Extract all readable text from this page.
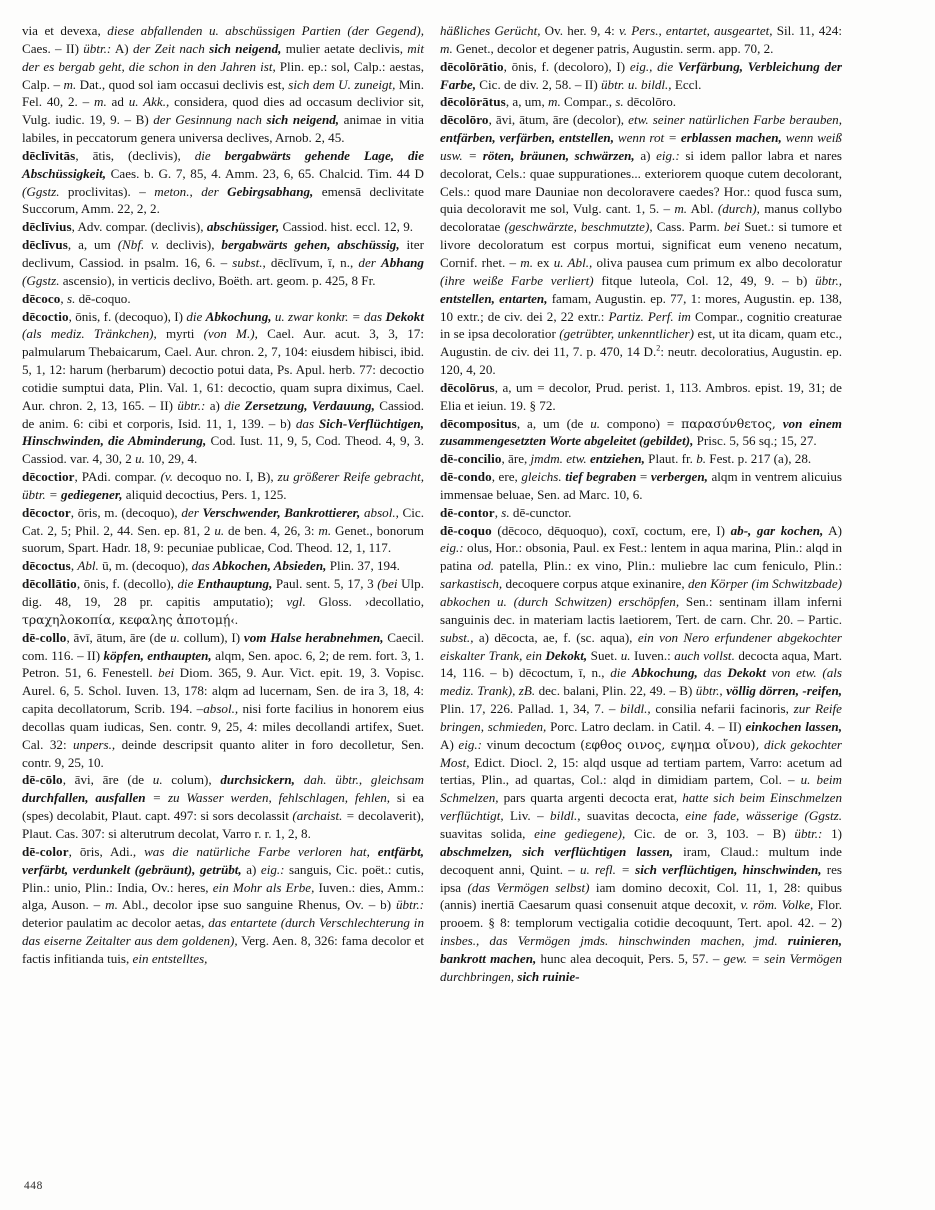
via et devexa, diese abfallenden u. abschüssigen Partien (der Gegend), Caes. – II) übtr.: A) der Zeit nach sich neigend, mulier aetate declivis, mit der es bergab geht, die schon in den Jahren ist, Plin. ep.: sol, Calp.: aestas, Calp. – m. Dat., quod sol iam occasui declivis est, sich dem U. zuneigt, Min. Fel. 40, 2. – m. ad u. Akk., considera, quod dies ad occasum declivior sit, Vulg. iudic. 19, 9. – B) der Gesinnung nach sich neigend, animae in vitia labiles, in peccatorum genera universa declives, Arnob. 2, 45.

dēclīvitās, ātis, (declivis), die bergabwärts gehende Lage, die Abschüssigkeit, Caes. b. G. 7, 85, 4. Amm. 23, 6, 65. Chalcid. Tim. 44 D (Ggstz. proclivitas). – meton., der Gebirgsabhang, emensā declivitate Succorum, Amm. 22, 2, 2.

dēclīvius, Adv. compar. (declivis), abschüssiger, Cassiod. hist. eccl. 12, 9.

dēclīvus, a, um (Nbf. v. declivis), bergabwärts gehen, abschüssig, iter declivum, Cassiod. in psalm. 16, 6. – subst., dēclīvum, ī, n., der Abhang (Ggstz. ascensio), in verticis declivo, Boëth. art. geom. p. 425, 8 Fr.

dēcoco, s. dē-coquo.

dēcoctio, ōnis, f. (decoquo), I) die Abkochung, u. zwar konkr. = das Dekokt (als mediz. Tränkchen), myrti (von M.), Cael. Aur. acut. 3, 3, 17: palmularum Thebaicarum, Cael. Aur. chron. 2, 7, 104: eiusdem hibisci, ibid. 5, 1, 12: harum (herbarum) decoctio potui data, Ps. Apul. herb. 77: decoctio cotidie sumptui data, Plin. Val. 1, 61: decoctio, quam supra diximus, Cael. Aur. chron. 2, 13, 165. – II) übtr.: a) die Zersetzung, Verdauung, Cassiod. de anim. 6: cibi et corporis, Isid. 11, 1, 139. – b) das Sich-Verflüchtigen, Hinschwinden, die Abminderung, Cod. Iust. 11, 9, 5, Cod. Theod. 4, 9, 3. Cassiod. var. 4, 30, 2 u. 10, 29, 4.

dēcoctior, PAdi. compar. (v. decoquo no. I, B), zu größerer Reife gebracht, übtr. = gediegener, aliquid decoctius, Pers. 1, 125.

dēcoctor, ōris, m. (decoquo), der Verschwender, Bankrottierer, absol., Cic. Cat. 2, 5; Phil. 2, 44. Sen. ep. 81, 2 u. de ben. 4, 26, 3: m. Genet., bonorum suorum, Spart. Hadr. 18, 9: pecuniae publicae, Cod. Theod. 12, 1, 117.

dēcoctus, Abl. ū, m. (decoquo), das Abkochen, Absieden, Plin. 37, 194.

dēcollātio, ōnis, f. (decollo), die Enthauptung, Paul. sent. 5, 17, 3 (bei Ulp. dig. 48, 19, 28 pr. capitis amputatio); vgl. Gloss. ›decollatio, τραχηλοκοπία, κεφαλης ἀποτομῄ‹.

dē-collo, āvī, ātum, āre (de u. collum), I) vom Halse herabnehmen, Caecil. com. 116. – II) köpfen, enthaupten, alqm, Sen. apoc. 6, 2; de rem. fort. 3, 1. Petron. 51, 6. Fenestell. bei Diom. 365, 9. Aur. Vict. epit. 19, 3. Vopisc. Aurel. 6, 5. Schol. Iuven. 13, 178: alqm ad lucernam, Sen. de ira 3, 18, 4: capita decollatorum, Scrib. 194. –absol., nisi forte facilius in honorem eius decollas quam iudicas, Sen. contr. 9, 25, 4: miles decollandi artifex, Suet. Cal. 32: unpers., deinde descripsit quanto aliter in foro decolletur, Sen. contr. 9, 25, 10.

dē-cōlo, āvi, āre (de u. colum), durchsickern, dah. übtr., gleichsam durchfallen, ausfallen = zu Wasser werden, fehlschlagen, fehlen, si ea (spes) decolabit, Plaut. capt. 497: si sors decolassit (archaist. = decolaverit), Plaut. Cas. 307: si alterutrum decolat, Varro r. r. 1, 2, 8.

dē-color, ōris, Adi., was die natürliche Farbe verloren hat, entfärbt, verfärbt, verdunkelt (gebräunt), getrübt, a) eig.: sanguis, Cic. poët.: cutis, Plin.: unio, Plin.: India, Ov.: heres, ein Mohr als Erbe, Iuven.: dies, Amm.: alga, Auson. – m. Abl., decolor ipse suo sanguine Rhenus, Ov. – b) übtr.: deterior paulatim ac decolor aetas, das entartete (durch Verschlechterung in das eiserne Zeitalter aus dem goldenen), Verg. Aen. 8, 326: fama decolor et factis infitianda tuis, ein entstelltes,

häßliches Gerücht, Ov. her. 9, 4: v. Pers., entartet, ausgeartet, Sil. 11, 424: m. Genet., decolor et degener patris, Augustin. serm. app. 70, 2.

dēcolōrātio, ōnis, f. (decoloro), I) eig., die Verfärbung, Verbleichung der Farbe, Cic. de div. 2, 58. – II) übtr. u. bildl., Eccl.

dēcolōrātus, a, um, m. Compar., s. dēcolōro.

dēcolōro, āvi, ātum, āre (decolor), etw. seiner natürlichen Farbe berauben, entfärben, verfärben, entstellen, wenn rot = erblassen machen, wenn weiß usw. = röten, bräunen, schwärzen, a) eig.: si idem pallor labra et nares decolorat, Cels.: quae suppurationes... exteriorem quoque cutem decolorant, Cels.: quod mare Dauniae non decoloravere caedes? Hor.: quod fusca sum, quia decoloravit me sol, Vulg. cant. 1, 5. – m. Abl. (durch), manus collybo decoloratae (geschwärzte, beschmutzte), Cass. Parm. bei Suet.: si tumore et livore decoloratum est corpus mortui, significat eum veneno necatum, Cornif. rhet. – m. ex u. Abl., oliva pausea cum primum ex albo decoloratur (ihre weiße Farbe verliert) fitque luteola, Col. 12, 49, 9. – b) übtr., entstellen, entarten, famam, Augustin. ep. 77, 1: mores, Augustin. ep. 138, 10 extr.; de civ. dei 2, 22 extr.: Partiz. Perf. im Compar., cognitio creaturae in se ipsa decoloratior (getrübter, unkenntlicher) est, ut ita dicam, quam etc., Augustin. de civ. dei 11, 7. p. 470, 14 D.$^2$: neutr. decoloratius, Augustin. ep. 120, 4, 20.

dēcolōrus, a, um = decolor, Prud. perist. 1, 113. Ambros. epist. 19, 31; de Elia et ieiun. 19. § 72.

dēcompositus, a, um (de u. compono) = παρασύνθετος, von einem zusammengesetzten Worte abgeleitet (gebildet), Prisc. 5, 56 sq.; 15, 27.

dē-concilio, āre, jmdm. etw. entziehen, Plaut. fr. b. Fest. p. 217 (a), 28.

dē-condo, ere, gleichs. tief begraben = verbergen, alqm in ventrem alicuius immensae beluae, Sen. ad Marc. 10, 6.

dē-contor, s. dē-cunctor.

dē-coquo (dēcoco, dēquoquo), coxī, coctum, ere, I) ab-, gar kochen, A) eig.: olus, Hor.: obsonia, Paul. ex Fest.: lentem in aqua marina, Plin.: alqd in patina od. patella, Plin.: ex vino, Plin.: muliebre lac cum feniculo, Plin.: sarkastisch, decoquere corpus atque exinanire, den Körper (im Schwitzbade) abkochen u. (durch Schwitzen) erschöpfen, Sen.: sentinam illam inferni sanguinis dec. in materiam lactis laetiorem, Tert. de carn. Chr. 20. – Partic. subst., a) dēcocta, ae, f. (sc. aqua), ein von Nero erfundener abgekochter eiskalter Trank, ein Dekokt, Suet. u. Iuven.: auch vollst. decocta aqua, Mart. 14, 116. – b) dēcoctum, ī, n., die Abkochung, das Dekokt von etw. (als mediz. Trank), zB. dec. balani, Plin. 22, 49. – B) übtr., völlig dörren, -reifen, Plin. 17, 226. Pallad. 1, 34, 7. – bildl., consilia nefarii facinoris, zur Reife bringen, schmieden, Porc. Latro declam. in Catil. 4. – II) einkochen lassen, A) eig.: vinum decoctum (εφθος οινος, εψημα οἴνου), dick gekochter Most, Edict. Diocl. 2, 15: alqd usque ad tertiam partem, Varro: acetum ad tertias, Plin., ad quartas, Col.: alqd in dimidiam partem, Col. – u. beim Schmelzen, pars quarta argenti decocta erat, hatte sich beim Einschmelzen verflüchtigt, Liv. – bildl., suavitas decocta, eine fade, wässerige (Ggstz. suavitas solida, eine gediegene), Cic. de or. 3, 103. – B) übtr.: 1) abschmelzen, sich verflüchtigen lassen, iram, Claud.: multum inde decoquent anni, Quint. – u. refl. = sich verflüchtigen, hinschwinden, res ipsa (das Vermögen selbst) iam domino decoxit, Col. 11, 1, 28: quibus (annis) inertiā Caesarum quasi consenuit atque decoxit, v. röm. Volke, Flor. prooem. § 8: templorum vectigalia cotidie decoquunt, Tert. apol. 42. – 2) insbes., das Vermögen jmds. hinschwinden machen, jmd. ruinieren, bankrott machen, hunc alea decoquit, Pers. 5, 57. – gew. = sein Vermögen durchbringen, sich ruinie-

448
